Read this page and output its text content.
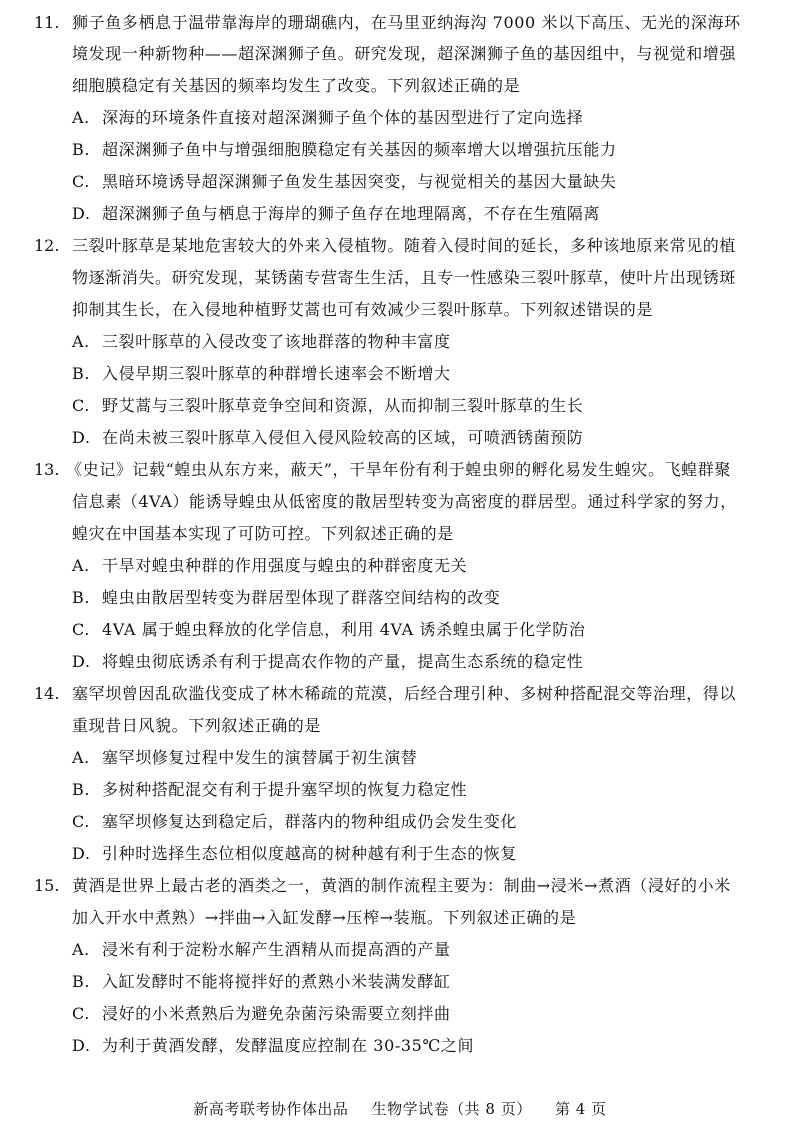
11. 狮子鱼多栖息于温带靠海岸的珊瑚礁内，在马里亚纳海沟 7000 米以下高压、无光的深海环
境发现一种新物种——超深渊狮子鱼。研究发现，超深渊狮子鱼的基因组中，与视觉和增强
细胞膜稳定有关基因的频率均发生了改变。下列叙述正确的是
A. 深海的环境条件直接对超深渊狮子鱼个体的基因型进行了定向选择
B. 超深渊狮子鱼中与增强细胞膜稳定有关基因的频率增大以增强抗压能力
C. 黑暗环境诱导超深渊狮子鱼发生基因突变，与视觉相关的基因大量缺失
D. 超深渊狮子鱼与栖息于海岸的狮子鱼存在地理隔离，不存在生殖隔离
12. 三裂叶豚草是某地危害较大的外来入侵植物。随着入侵时间的延长，多种该地原来常见的植
物逐渐消失。研究发现，某锈菌专营寄生生活，且专一性感染三裂叶豚草，使叶片出现锈斑
抑制其生长，在入侵地种植野艾蒿也可有效减少三裂叶豚草。下列叙述错误的是
A. 三裂叶豚草的入侵改变了该地群落的物种丰富度
B. 入侵早期三裂叶豚草的种群增长速率会不断增大
C. 野艾蒿与三裂叶豚草竞争空间和资源，从而抑制三裂叶豚草的生长
D. 在尚未被三裂叶豚草入侵但入侵风险较高的区域，可喷洒锈菌预防
13. 《史记》记载“蝗虫从东方来，蔽天”，干旱年份有利于蝗虫卵的孵化易发生蝗灾。飞蝗群聚
信息素（4VA）能诱导蝗虫从低密度的散居型转变为高密度的群居型。通过科学家的努力，
蝗灾在中国基本实现了可防可控。下列叙述正确的是
A. 干旱对蝗虫种群的作用强度与蝗虫的种群密度无关
B. 蝗虫由散居型转变为群居型体现了群落空间结构的改变
C. 4VA 属于蝗虫释放的化学信息，利用 4VA 诱杀蝗虫属于化学防治
D. 将蝗虫彻底诱杀有利于提高农作物的产量，提高生态系统的稳定性
14. 塞罕坝曾因乱砍滥伐变成了林木稀疏的荒漠，后经合理引种、多树种搭配混交等治理，得以
重现昔日风貌。下列叙述正确的是
A. 塞罕坝修复过程中发生的演替属于初生演替
B. 多树种搭配混交有利于提升塞罕坝的恢复力稳定性
C. 塞罕坝修复达到稳定后，群落内的物种组成仍会发生变化
D. 引种时选择生态位相似度越高的树种越有利于生态的恢复
15. 黄酒是世界上最古老的酒类之一，黄酒的制作流程主要为：制曲→浸米→煮酒（浸好的小米
加入开水中煮熟）→拌曲→入缸发酵→压榨→装瓶。下列叙述正确的是
A. 浸米有利于淀粉水解产生酒精从而提高酒的产量
B. 入缸发酵时不能将搅拌好的煮熟小米装满发酵缸
C. 浸好的小米煮熟后为避免杂菌污染需要立刻拌曲
D. 为利于黄酒发酵，发酵温度应控制在 30-35℃之间
新高考联考协作体出品 生物学试卷（共 8 页） 第 4 页
